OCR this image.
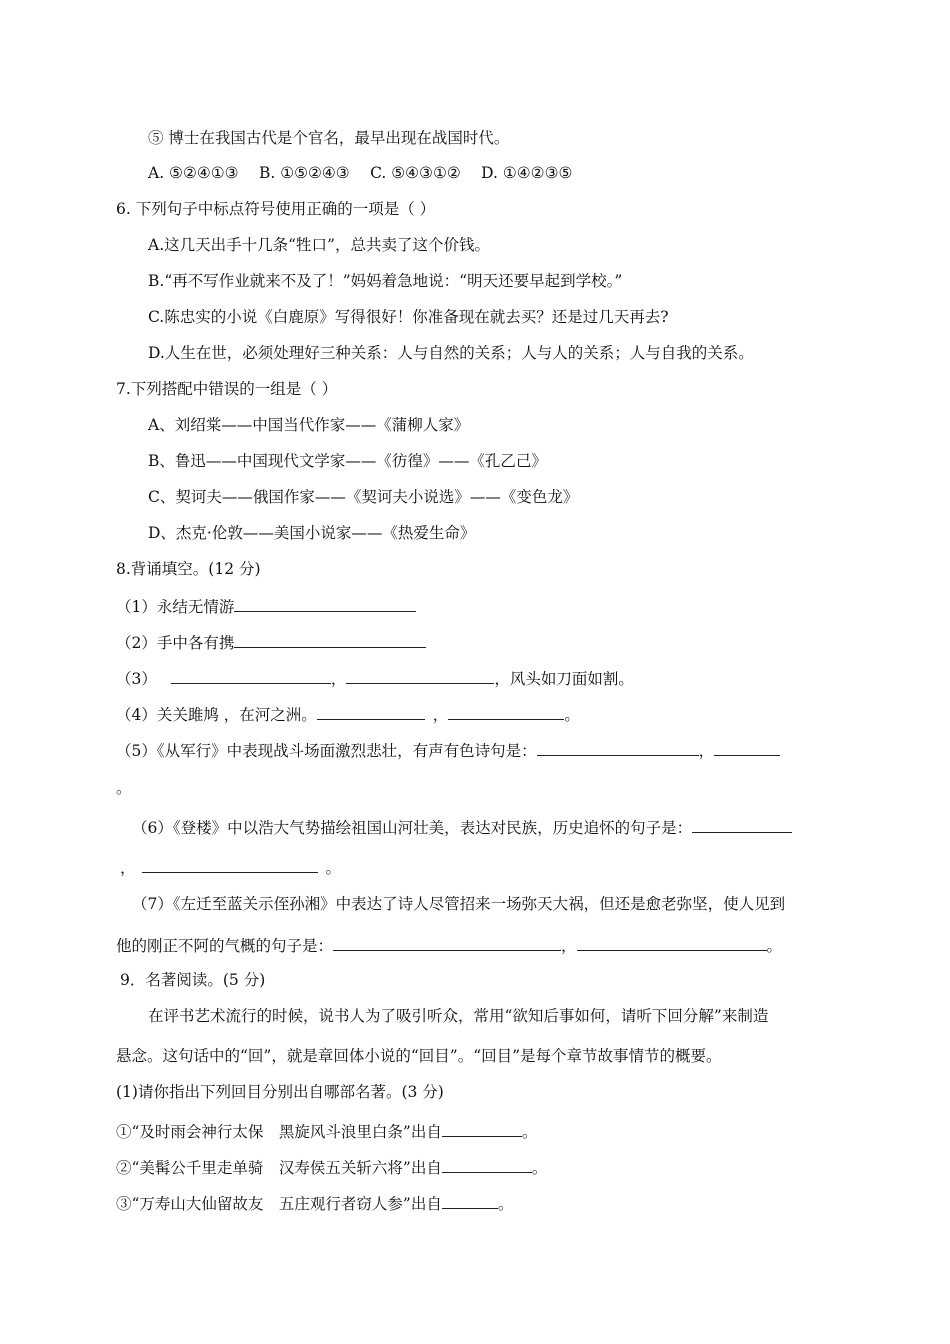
⑤ 博士在我国古代是个官名，最早出现在战国时代。
A. ⑤②④①③　 B. ①⑤②④③　 C. ⑤④③①②　 D. ①④②③⑤
6. 下列句子中标点符号使用正确的一项是（ ）
A.这几天出手十几条“牲口”，总共卖了这个价钱。
B.“再不写作业就来不及了！”妈妈着急地说：“明天还要早起到学校。”
C.陈忠实的小说《白鹿原》写得很好！你准备现在就去买？还是过几天再去?
D.人生在世，必须处理好三种关系：人与自然的关系；人与人的关系；人与自我的关系。
7.下列搭配中错误的一组是（ ）
A、刘绍棠——中国当代作家——《蒲柳人家》
B、鲁迅——中国现代文学家——《彷徨》——《孔乙己》
C、契诃夫——俄国作家——《契诃夫小说选》——《变色龙》
D、杰克·伦敦——美国小说家——《热爱生命》
8.背诵填空。(12 分)
（1）永结无情游
（2）手中各有携
（3）	，	，风头如刀面如割。
（4）关关雎鸠 ，在河之洲。	，	。
（5）《从军行》中表现战斗场面激烈悲壮，有声有色诗句是：	，
。
（6）《登楼》中以浩大气势描绘祖国山河壮美，表达对民族，历史追怀的句子是：
，	。
（7）《左迁至蓝关示侄孙湘》中表达了诗人尽管招来一场弥天大祸，但还是愈老弥坚，使人见到
他的刚正不阿的气概的句子是：	，	。
9．名著阅读。(5 分)
在评书艺术流行的时候，说书人为了吸引听众，常用“欲知后事如何，请听下回分解”来制造
悬念。这句话中的“回”，就是章回体小说的“回目”。“回目”是每个章节故事情节的概要。
(1)请你指出下列回目分别出自哪部名著。(3 分)
①“及时雨会神行太保　黑旋风斗浪里白条”出自	。
②“美髯公千里走单骑　汉寿侯五关斩六将”出自	。
③“万寿山大仙留故友　五庄观行者窃人参”出自	。
